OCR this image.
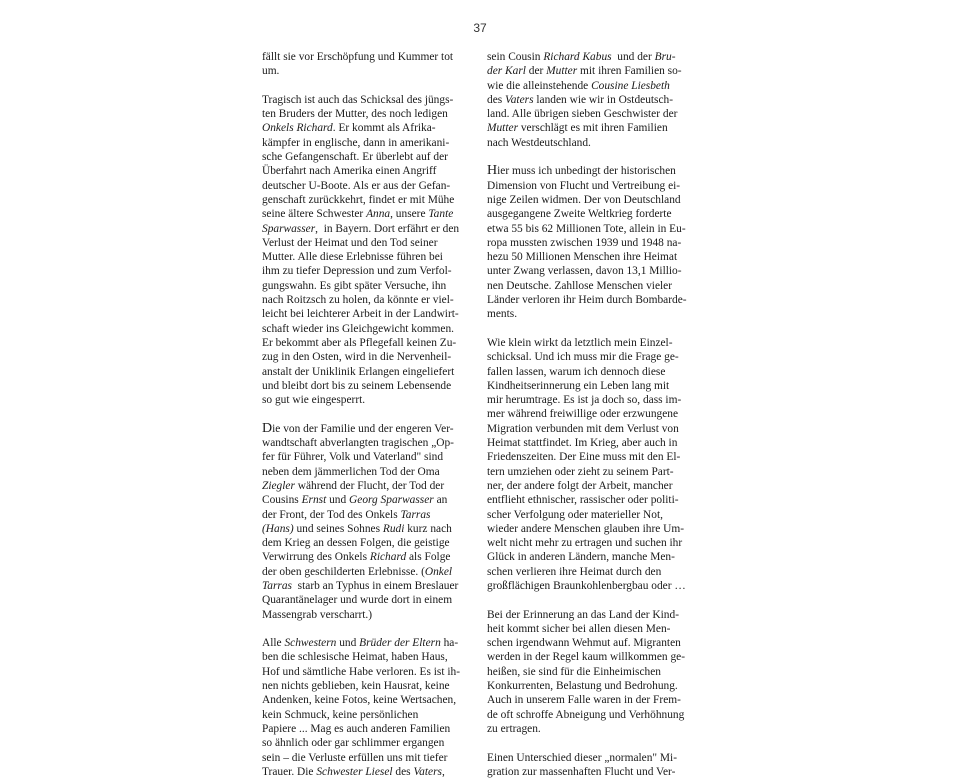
37

fällt sie vor Erschöpfung und Kummer tot

um.

Tragisch ist auch das Schicksal des jüngs-

ten Bruders der Mutter, des noch ledigen

Onkels Richard. Er kommt als Afrika-

kämpfer in englische, dann in amerikani-

sche Gefangenschaft. Er überlebt auf der

Überfahrt nach Amerika einen Angriff

deutscher U-Boote. Als er aus der Gefan-

genschaft zurückkehrt, findet er mit Mühe

seine ältere Schwester Anna, unsere Tante

Sparwasser,  in Bayern. Dort erfährt er den

Verlust der Heimat und den Tod seiner

Mutter. Alle diese Erlebnisse führen bei

ihm zu tiefer Depression und zum Verfol-

gungswahn. Es gibt später Versuche, ihn

nach Roitzsch zu holen, da könnte er viel-

leicht bei leichterer Arbeit in der Landwirt-

schaft wieder ins Gleichgewicht kommen.

Er bekommt aber als Pflegefall keinen Zu-

zug in den Osten, wird in die Nervenheil-

anstalt der Uniklinik Erlangen eingeliefert

und bleibt dort bis zu seinem Lebensende

so gut wie eingesperrt.

Die von der Familie und der engeren Ver-

wandtschaft abverlangten tragischen „Op-

fer für Führer, Volk und Vaterland" sind

neben dem jämmerlichen Tod der Oma

Ziegler während der Flucht, der Tod der

Cousins Ernst und Georg Sparwasser an

der Front, der Tod des Onkels Tarras

(Hans) und seines Sohnes Rudi kurz nach

dem Krieg an dessen Folgen, die geistige

Verwirrung des Onkels Richard als Folge

der oben geschilderten Erlebnisse. (Onkel

Tarras  starb an Typhus in einem Breslauer

Quarantänelager und wurde dort in einem

Massengrab verscharrt.)

Alle Schwestern und Brüder der Eltern ha-

ben die schlesische Heimat, haben Haus,

Hof und sämtliche Habe verloren. Es ist ih-

nen nichts geblieben, kein Hausrat, keine

Andenken, keine Fotos, keine Wertsachen,

kein Schmuck, keine persönlichen

Papiere ... Mag es auch anderen Familien

so ähnlich oder gar schlimmer ergangen

sein – die Verluste erfüllen uns mit tiefer

Trauer. Die Schwester Liesel des Vaters,

sein Cousin Richard Kabus  und der Bru-

der Karl der Mutter mit ihren Familien so-

wie die alleinstehende Cousine Liesbeth

des Vaters landen wie wir in Ostdeutsch-

land. Alle übrigen sieben Geschwister der

Mutter verschlägt es mit ihren Familien

nach Westdeutschland.

Hier muss ich unbedingt der historischen

Dimension von Flucht und Vertreibung ei-

nige Zeilen widmen. Der von Deutschland

ausgegangene Zweite Weltkrieg forderte

etwa 55 bis 62 Millionen Tote, allein in Eu-

ropa mussten zwischen 1939 und 1948 na-

hezu 50 Millionen Menschen ihre Heimat

unter Zwang verlassen, davon 13,1 Millio-

nen Deutsche. Zahllose Menschen vieler

Länder verloren ihr Heim durch Bombarde-

ments.

Wie klein wirkt da letztlich mein Einzel-

schicksal. Und ich muss mir die Frage ge-

fallen lassen, warum ich dennoch diese

Kindheitserinnerung ein Leben lang mit

mir herumtrage. Es ist ja doch so, dass im-

mer während freiwillige oder erzwungene

Migration verbunden mit dem Verlust von

Heimat stattfindet. Im Krieg, aber auch in

Friedenszeiten. Der Eine muss mit den El-

tern umziehen oder zieht zu seinem Part-

ner, der andere folgt der Arbeit, mancher

entflieht ethnischer, rassischer oder politi-

scher Verfolgung oder materieller Not,

wieder andere Menschen glauben ihre Um-

welt nicht mehr zu ertragen und suchen ihr

Glück in anderen Ländern, manche Men-

schen verlieren ihre Heimat durch den

großflächigen Braunkohlenbergbau oder …

Bei der Erinnerung an das Land der Kind-

heit kommt sicher bei allen diesen Men-

schen irgendwann Wehmut auf. Migranten

werden in der Regel kaum willkommen ge-

heißen, sie sind für die Einheimischen

Konkurrenten, Belastung und Bedrohung.

Auch in unserem Falle waren in der Frem-

de oft schroffe Abneigung und Verhöhnung

zu ertragen.

Einen Unterschied dieser „normalen" Mi-

gration zur massenhaften Flucht und Ver-
